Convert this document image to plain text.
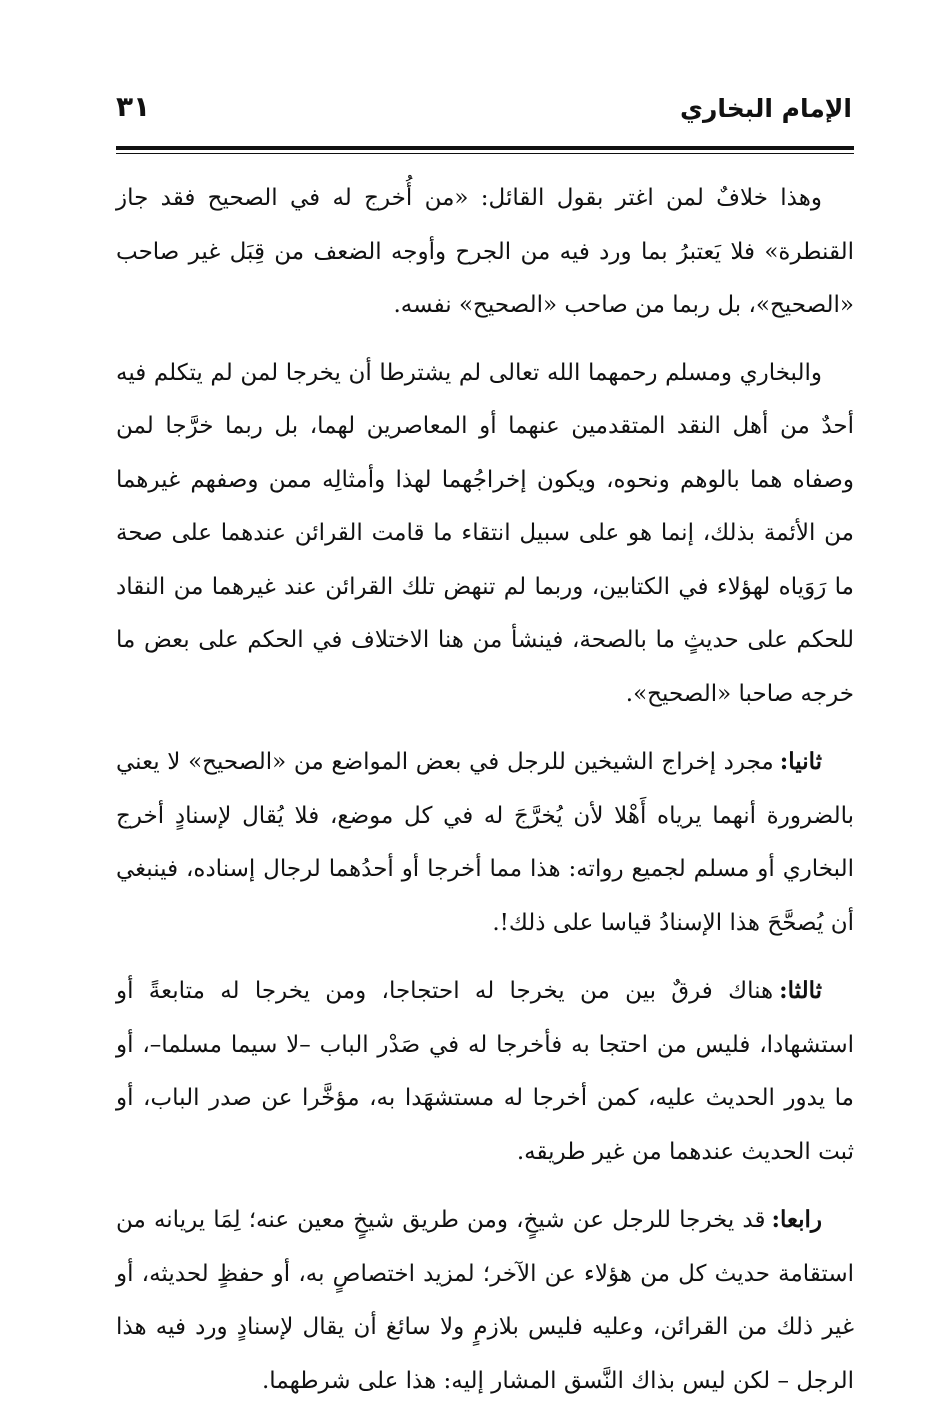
الإمام البخاري
٣١

وهذا خلافٌ لمن اغتر بقول القائل: «من أُخرج له في الصحيح فقد جاز القنطرة» فلا يَعتبرُ بما ورد فيه من الجرح وأوجه الضعف من قِبَل غير صاحب «الصحيح»، بل ربما من صاحب «الصحيح» نفسه.

والبخاري ومسلم رحمهما الله تعالى لم يشترطا أن يخرجا لمن لم يتكلم فيه أحدٌ من أهل النقد المتقدمين عنهما أو المعاصرين لهما، بل ربما خرَّجا لمن وصفاه هما بالوهم ونحوه، ويكون إخراجُهما لهذا وأمثالِه ممن وصفهم غيرهما من الأئمة بذلك، إنما هو على سبيل انتقاء ما قامت القرائن عندهما على صحة ما رَوَياه لهؤلاء في الكتابين، وربما لم تنهض تلك القرائن عند غيرهما من النقاد للحكم على حديثٍ ما بالصحة، فينشأ من هنا الاختلاف في الحكم على بعض ما خرجه صاحبا «الصحيح».

ثانيا:مجرد إخراج الشيخين للرجل في بعض المواضع من «الصحيح» لا يعني بالضرورة أنهما يرياه أَهْلا لأن يُخرَّجَ له في كل موضع، فلا يُقال لإسنادٍ أخرج البخاري أو مسلم لجميع رواته: هذا مما أخرجا أو أحدُهما لرجال إسناده، فينبغي أن يُصحَّحَ هذا الإسنادُ قياسا على ذلك!.

ثالثا:هناك فرقٌ بين من يخرجا له احتجاجا، ومن يخرجا له متابعةً أو استشهادا، فليس من احتجا به فأخرجا له في صَدْر الباب –لا سيما مسلما–، أو ما يدور الحديث عليه، كمن أخرجا له مستشهَدا به، مؤخَّرا عن صدر الباب، أو ثبت الحديث عندهما من غير طريقه.

رابعا:قد يخرجا للرجل عن شيخٍ، ومن طريق شيخٍ معين عنه؛ لِمَا يريانه من استقامة حديث كل من هؤلاء عن الآخر؛ لمزيد اختصاصٍ به، أو حفظٍ لحديثه، أو غير ذلك من القرائن، وعليه فليس بلازمٍ ولا سائغ أن يقال لإسنادٍ ورد فيه هذا الرجل – لكن ليس بذاك النَّسق المشار إليه: هذا على شرطهما.
